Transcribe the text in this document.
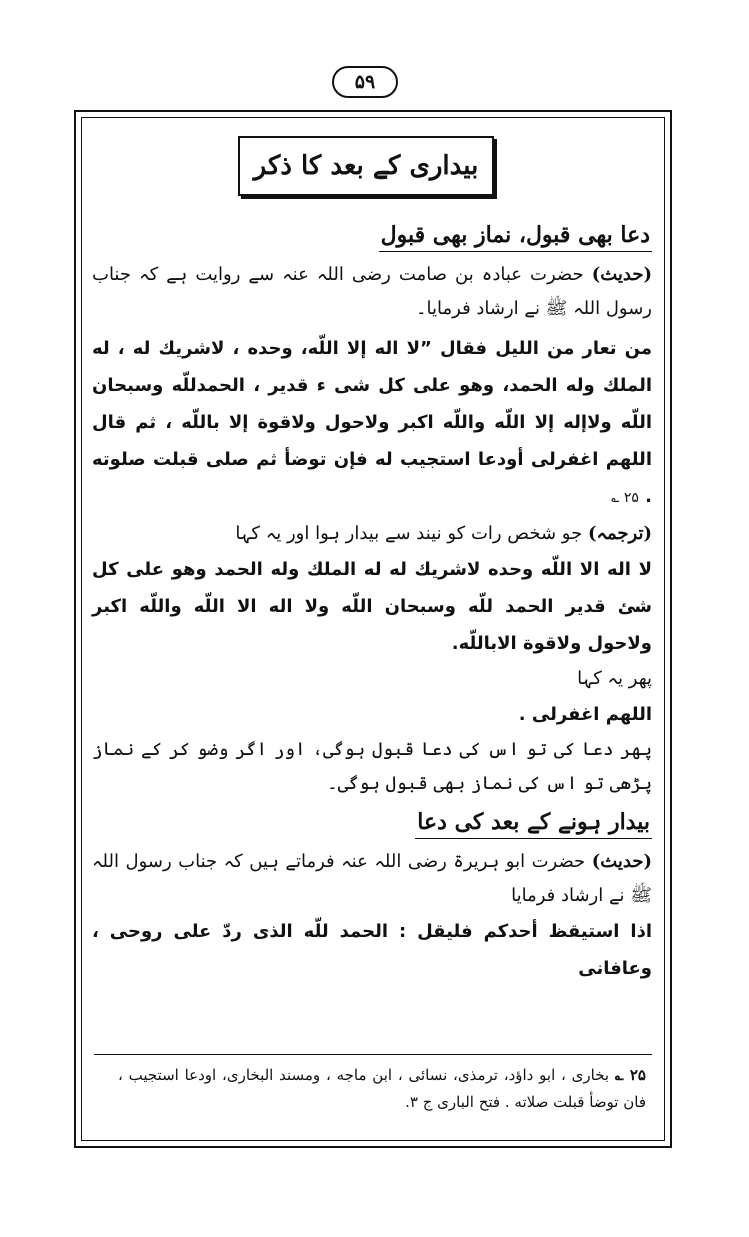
۵۹
بیداری کے بعد کا ذکر
دعا بھی قبول، نماز بھی قبول

(حدیث) حضرت عبادہ بن صامت رضی اللہ عنہ سے روایت ہے کہ جناب رسول اللہ ﷺ نے ارشاد فرمایا۔

من تعار من الليل فقال ”لا اله إلا اللّه، وحده ، لاشريك له ، له الملك وله الحمد، وهو على كل شى ء قدير ، الحمدللّه وسبحان اللّه ولاإله إلا اللّه واللّه اكبر ولاحول ولاقوة إلا باللّه ، ثم قال اللهم اغفرلى أودعا استجيب له فإن توضأ ثم صلى قبلت صلوته . ۲۵ ؎

(ترجمہ) جو شخص رات کو نیند سے بیدار ہوا اور یہ کہا

لا اله الا اللّه وحده لاشريك له له الملك وله الحمد وهو على كل شئ قدير الحمد للّه وسبحان اللّه ولا اله الا اللّه واللّه اكبر ولاحول ولاقوة الاباللّه.

پھر یہ کہا

اللهم اغفرلى .

پھر دعا کی تو اس کی دعا قبول ہوگی، اور اگر وضو کر کے نماز پڑھی تو اس کی نماز بھی قبول ہوگی۔

بیدار ہونے کے بعد کی دعا

(حدیث) حضرت ابو ہریرۃ رضی اللہ عنہ فرماتے ہیں کہ جناب رسول اللہ ﷺ نے ارشاد فرمایا

اذا استيقظ أحدكم فليقل : الحمد للّه الذى ردّ على روحى ، وعافانى

۲۵ ؎ بخاری ، ابو داؤد، ترمذی، نسائی ، ابن ماجه ، ومسند البخاری، اودعا استجيب ، فان توضأ قبلت صلاته . فتح البارى ج ۳.
